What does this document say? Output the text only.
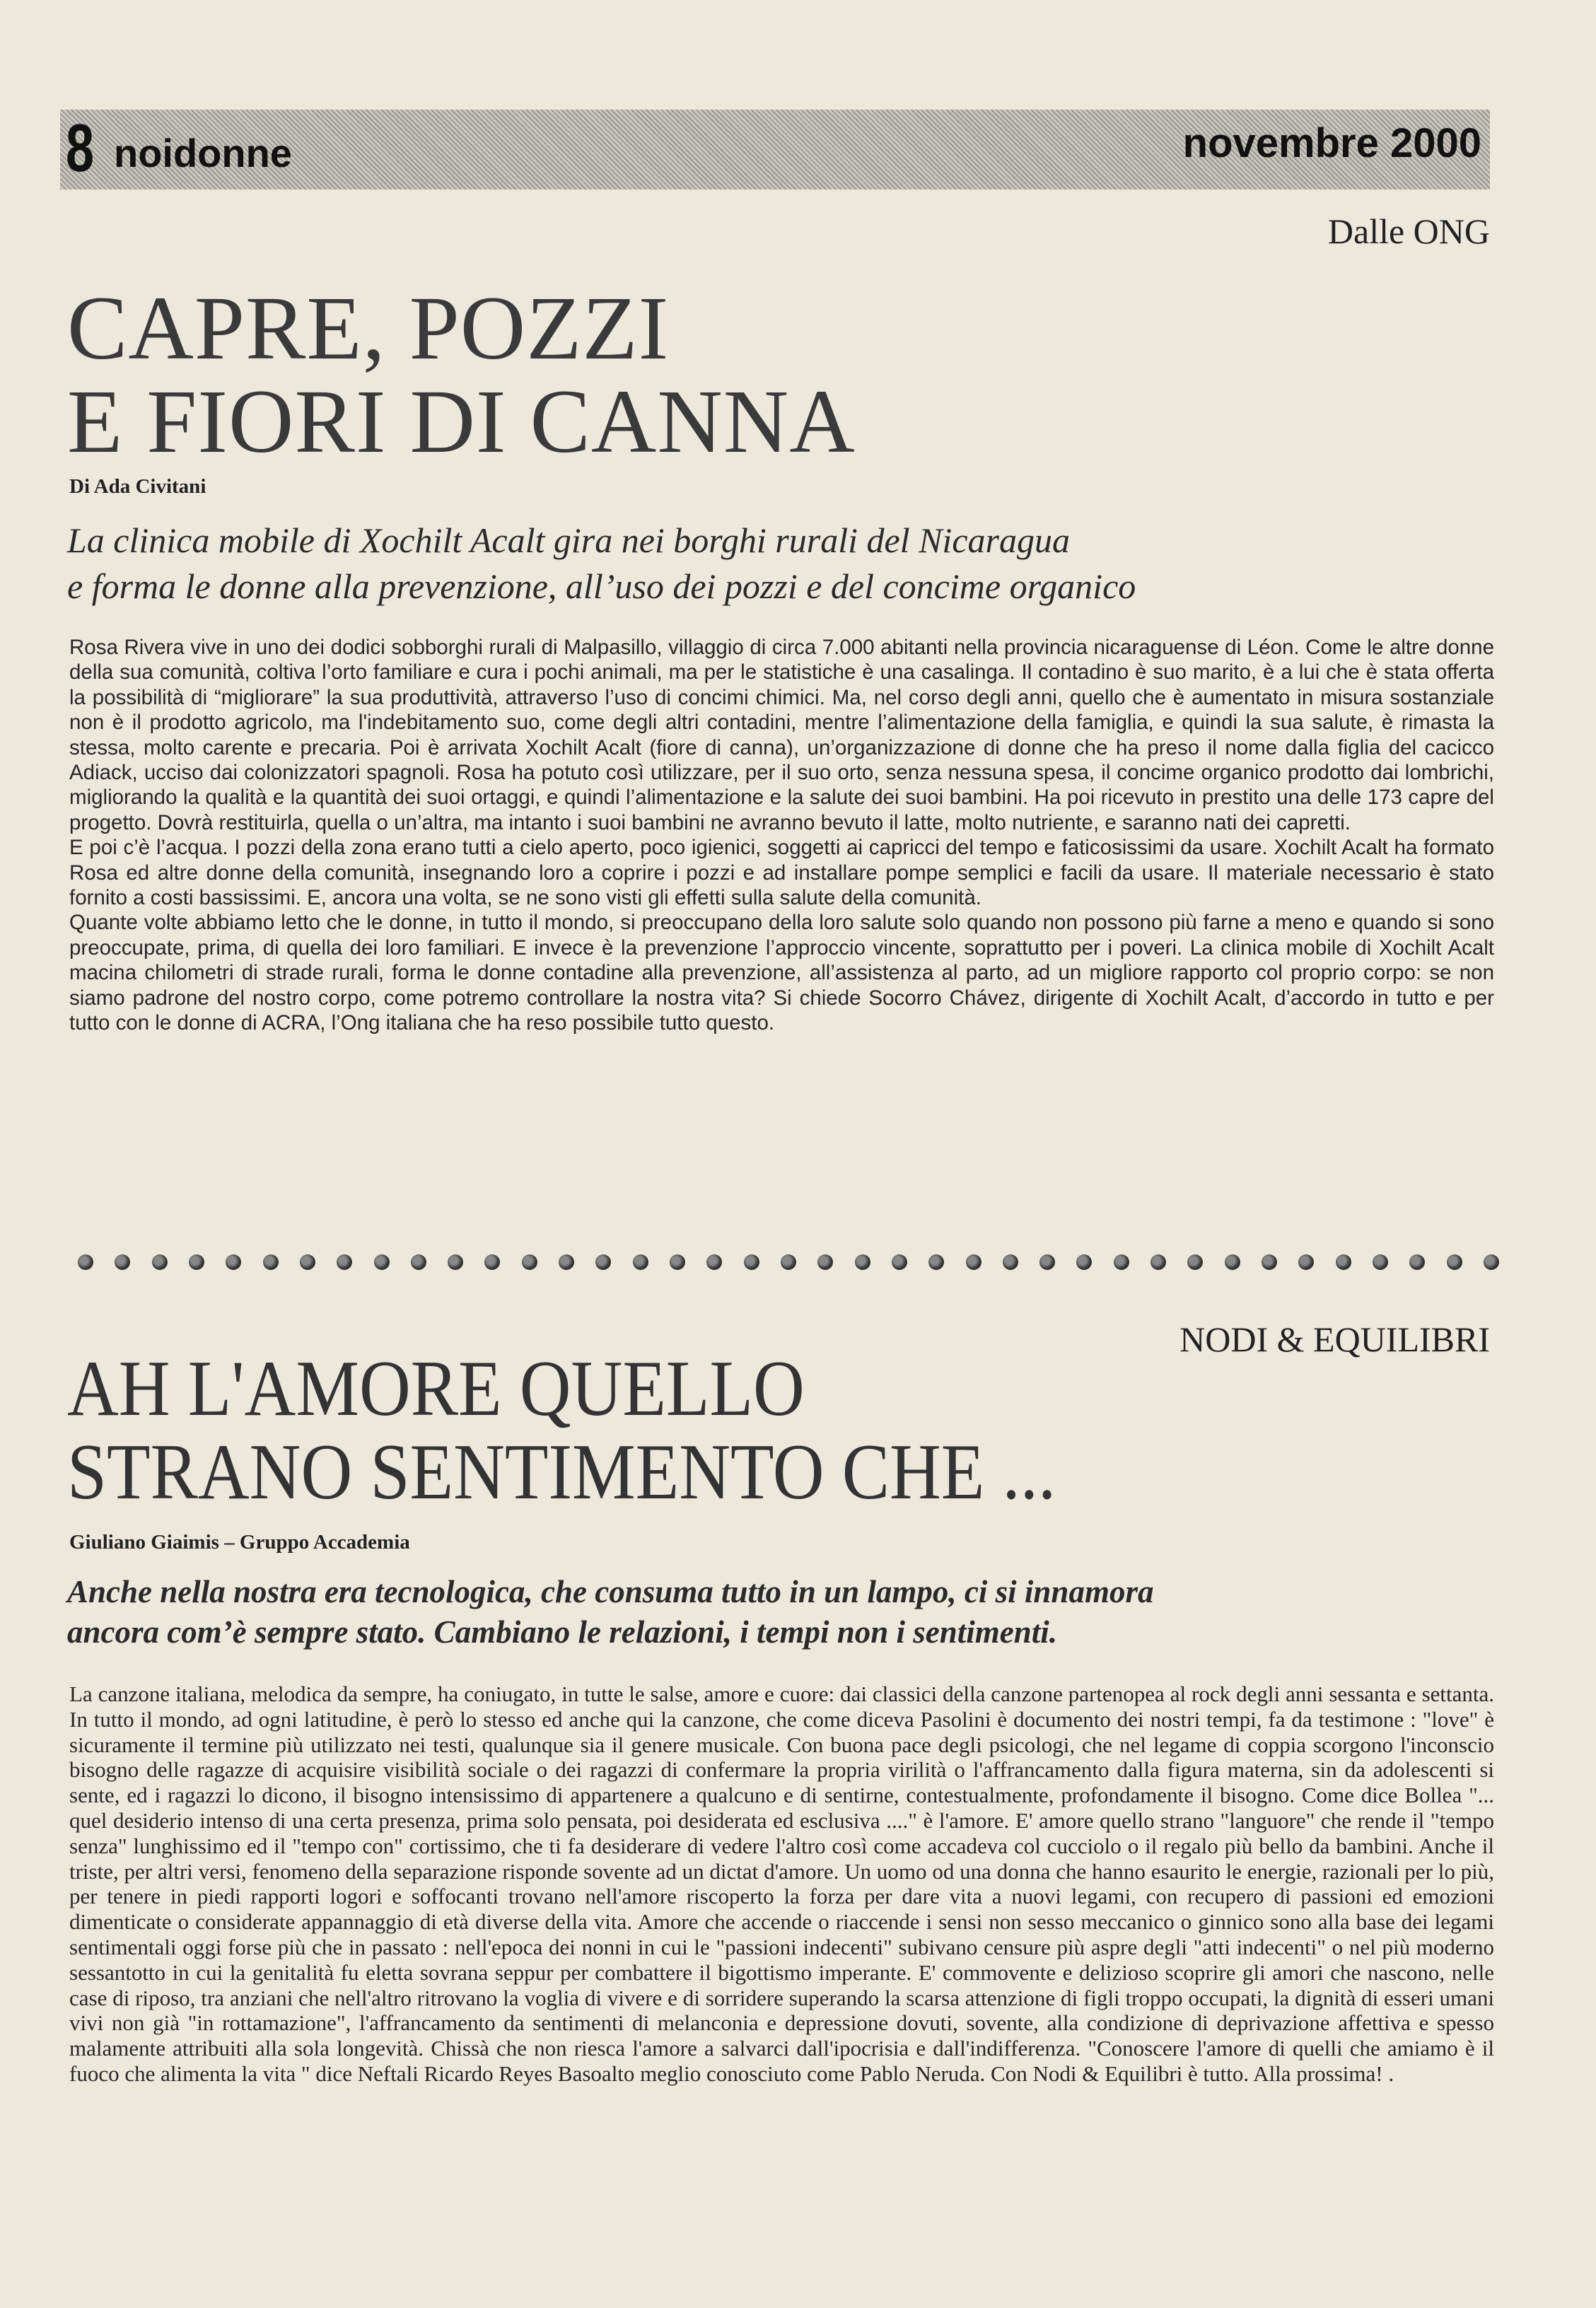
8 noidonne	novembre 2000
Dalle ONG
CAPRE, POZZI
E FIORI DI CANNA
Di Ada Civitani
La clinica mobile di Xochilt Acalt gira nei borghi rurali del Nicaragua
e forma le donne alla prevenzione, all’uso dei pozzi e del concime organico

Rosa Rivera vive in uno dei dodici sobborghi rurali di Malpasillo, villaggio di circa 7.000 abitanti nella provincia nicaraguense di Léon. Come le altre donne della sua comunità, coltiva l’orto familiare e cura i pochi animali, ma per le statistiche è una casalinga. Il contadino è suo marito, è a lui che è stata offerta la possibilità di “migliorare” la sua produttività, attraverso l’uso di concimi chimici. Ma, nel corso degli anni, quello che è aumentato in misura sostanziale non è il prodotto agricolo, ma l'indebitamento suo, come degli altri contadini, mentre l’alimentazione della famiglia, e quindi la sua salute, è rimasta la stessa, molto carente e precaria. Poi è arrivata Xochilt Acalt (fiore di canna), un’organizzazione di donne che ha preso il nome dalla figlia del cacicco Adiack, ucciso dai colonizzatori spagnoli. Rosa ha potuto così utilizzare, per il suo orto, senza nessuna spesa, il concime organico prodotto dai lombrichi, migliorando la qualità e la quantità dei suoi ortaggi, e quindi l’alimentazione e la salute dei suoi bambini. Ha poi ricevuto in prestito una delle 173 capre del progetto. Dovrà restituirla, quella o un’altra, ma intanto i suoi bambini ne avranno bevuto il latte, molto nutriente, e saranno nati dei capretti.

E poi c’è l’acqua. I pozzi della zona erano tutti a cielo aperto, poco igienici, soggetti ai capricci del tempo e faticosissimi da usare. Xochilt Acalt ha formato Rosa ed altre donne della comunità, insegnando loro a coprire i pozzi e ad installare pompe semplici e facili da usare. Il materiale necessario è stato fornito a costi bassissimi. E, ancora una volta, se ne sono visti gli effetti sulla salute della comunità.

Quante volte abbiamo letto che le donne, in tutto il mondo, si preoccupano della loro salute solo quando non possono più farne a meno e quando si sono preoccupate, prima, di quella dei loro familiari. E invece è la prevenzione l’approccio vincente, soprattutto per i poveri. La clinica mobile di Xochilt Acalt macina chilometri di strade rurali, forma le donne contadine alla prevenzione, all’assistenza al parto, ad un migliore rapporto col proprio corpo: se non siamo padrone del nostro corpo, come potremo controllare la nostra vita? Si chiede Socorro Chávez, dirigente di Xochilt Acalt, d’accordo in tutto e per tutto con le donne di ACRA, l’Ong italiana che ha reso possibile tutto questo.

NODI & EQUILIBRI
AH L'AMORE QUELLO
STRANO SENTIMENTO CHE ...
Giuliano Giaimis – Gruppo Accademia
Anche nella nostra era tecnologica, che consuma tutto in un lampo, ci si innamora
ancora com’è sempre stato. Cambiano le relazioni, i tempi non i sentimenti.

La canzone italiana, melodica da sempre, ha coniugato, in tutte le salse, amore e cuore: dai classici della canzone partenopea al rock degli anni sessanta e settanta. In tutto il mondo, ad ogni latitudine, è però lo stesso ed anche qui la canzone, che come diceva Pasolini è documento dei nostri tempi, fa da testimone : "love" è sicuramente il termine più utilizzato nei testi, qualunque sia il genere musicale. Con buona pace degli psicologi, che nel legame di coppia scorgono l'inconscio bisogno delle ragazze di acquisire visibilità sociale o dei ragazzi di confermare la propria virilità o l'affrancamento dalla figura materna, sin da adolescenti si sente, ed i ragazzi lo dicono, il bisogno intensissimo di appartenere a qualcuno e di sentirne, contestualmente, profondamente il bisogno. Come dice Bollea "... quel desiderio intenso di una certa presenza, prima solo pensata, poi desiderata ed esclusiva ...." è l'amore. E' amore quello strano "languore" che rende il "tempo senza" lunghissimo ed il "tempo con" cortissimo, che ti fa desiderare di vedere l'altro così come accadeva col cucciolo o il regalo più bello da bambini. Anche il triste, per altri versi, fenomeno della separazione risponde sovente ad un dictat d'amore. Un uomo od una donna che hanno esaurito le energie, razionali per lo più, per tenere in piedi rapporti logori e soffocanti trovano nell'amore riscoperto la forza per dare vita a nuovi legami, con recupero di passioni ed emozioni dimenticate o considerate appannaggio di età diverse della vita. Amore che accende o riaccende i sensi non sesso meccanico o ginnico sono alla base dei legami sentimentali oggi forse più che in passato : nell'epoca dei nonni in cui le "passioni indecenti" subivano censure più aspre degli "atti indecenti" o nel più moderno sessantotto in cui la genitalità fu eletta sovrana seppur per combattere il bigottismo imperante. E' commovente e delizioso scoprire gli amori che nascono, nelle case di riposo, tra anziani che nell'altro ritrovano la voglia di vivere e di sorridere superando la scarsa attenzione di figli troppo occupati, la dignità di esseri umani vivi non già "in rottamazione", l'affrancamento da sentimenti di melanconia e depressione dovuti, sovente, alla condizione di deprivazione affettiva e spesso malamente attribuiti alla sola longevità. Chissà che non riesca l'amore a salvarci dall'ipocrisia e dall'indifferenza. "Conoscere l'amore di quelli che amiamo è il fuoco che alimenta la vita " dice Neftali Ricardo Reyes Basoalto meglio conosciuto come Pablo Neruda. Con Nodi & Equilibri è tutto. Alla prossima! .
